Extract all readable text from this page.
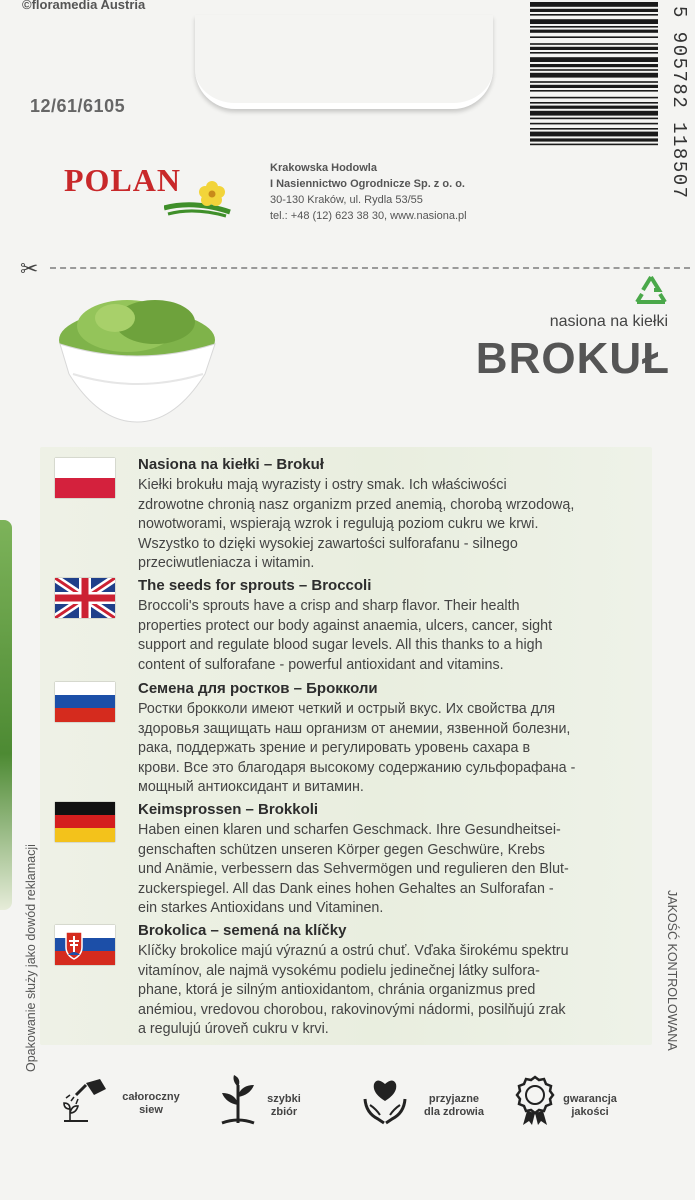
©floramedia Austria
12/61/6105
POLAN	Krakowska Hodowla
I Nasiennictwo Ogrodnicze Sp. z o. o.
30-130 Kraków, ul. Rydla 53/55
tel.: +48 (12) 623 38 30, www.nasiona.pl
5 905782 118507
✂
nasiona na kiełki
BROKUŁ
Nasiona na kiełki – Brokuł
Kiełki brokułu mają wyrazisty i ostry smak. Ich właściwości
zdrowotne chronią nasz organizm przed anemią, chorobą wrzodową,
nowotworami, wspierają wzrok i regulują poziom cukru we krwi.
Wszystko to dzięki wysokiej zawartości sulforafanu - silnego
przeciwutleniacza i witamin.
The seeds for sprouts – Broccoli
Broccoli's sprouts have a crisp and sharp flavor. Their health
properties protect our body against anaemia, ulcers, cancer, sight
support and regulate blood sugar levels. All this thanks to a high
content of sulforafane - powerful antioxidant and vitamins.
Семена для ростков – Брокколи
Ростки брокколи имеют четкий и острый вкус. Их свойства для
здоровья защищать наш организм от анемии, язвенной болезни,
рака, поддержать зрение и регулировать уровень сахара в
крови. Все это благодаря высокому содержанию сульфорафана -
мощный антиоксидант и витамин.
Keimsprossen – Brokkoli
Haben einen klaren und scharfen Geschmack. Ihre Gesundheitsei-
genschaften schützen unseren Körper gegen Geschwüre, Krebs
und Anämie, verbessern das Sehvermögen und regulieren den Blut-
zuckerspiegel. All das Dank eines hohen Gehaltes an Sulforafan -
ein starkes Antioxidans und Vitaminen.
Brokolica – semená na klíčky
Klíčky brokolice majú výraznú a ostrú chuť. Vďaka širokému spektru
vitamínov, ale najmä vysokému podielu jedinečnej látky sulfora-
phane, ktorá je silným antioxidantom, chránia organizmus pred
anémiou, vredovou chorobou, rakovinovými nádormi, posilňujú zrak
a regulujú úroveň cukru v krvi.
Opakowanie służy jako dowód reklamacji	JAKOŚĆ KONTROLOWANA
całoroczny
siew
szybki
zbiór
przyjazne
dla zdrowia
gwarancja
jakości
